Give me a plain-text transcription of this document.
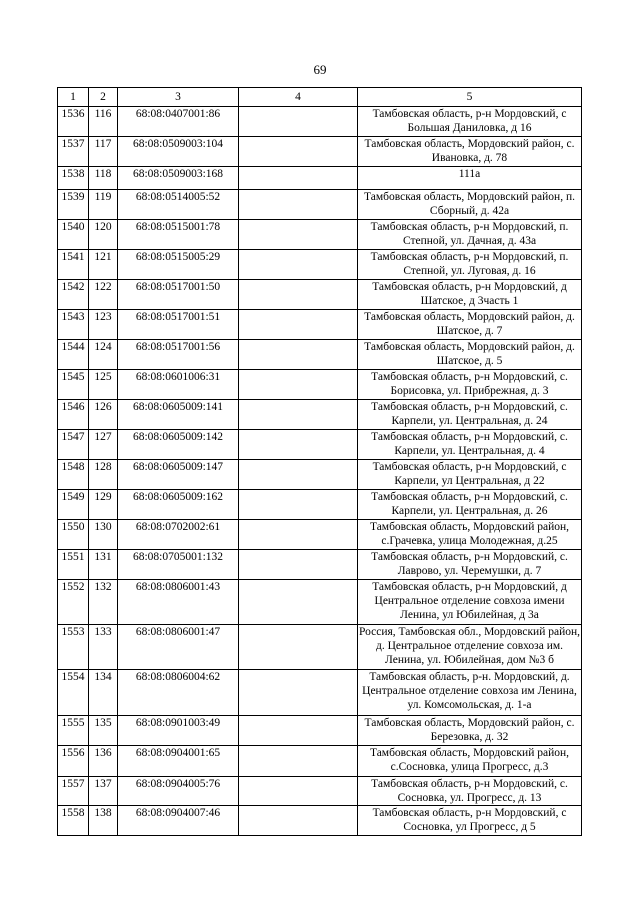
69
1	2	3	4	5
1536	116	68:08:0407001:86		Тамбовская область, р-н Мордовский, с Большая Даниловка, д 16
1537	117	68:08:0509003:104		Тамбовская область, Мордовский район, с. Ивановка, д. 78
1538	118	68:08:0509003:168		111а
1539	119	68:08:0514005:52		Тамбовская область, Мордовский район, п. Сборный, д. 42а
1540	120	68:08:0515001:78		Тамбовская область, р-н Мордовский, п. Степной, ул. Дачная, д. 43а
1541	121	68:08:0515005:29		Тамбовская область, р-н Мордовский, п. Степной, ул. Луговая, д. 16
1542	122	68:08:0517001:50		Тамбовская область, р-н Мордовский, д Шатское, д 3часть 1
1543	123	68:08:0517001:51		Тамбовская область, Мордовский район, д. Шатское, д. 7
1544	124	68:08:0517001:56		Тамбовская область, Мордовский район, д. Шатское, д. 5
1545	125	68:08:0601006:31		Тамбовская область, р-н Мордовский, с. Борисовка, ул. Прибрежная, д. 3
1546	126	68:08:0605009:141		Тамбовская область, р-н Мордовский, с. Карпели, ул. Центральная, д. 24
1547	127	68:08:0605009:142		Тамбовская область, р-н Мордовский, с. Карпели, ул. Центральная, д. 4
1548	128	68:08:0605009:147		Тамбовская область, р-н Мордовский, с Карпели, ул Центральная, д 22
1549	129	68:08:0605009:162		Тамбовская область, р-н Мордовский, с. Карпели, ул. Центральная, д. 26
1550	130	68:08:0702002:61		Тамбовская область, Мордовский район, с.Грачевка, улица Молодежная, д.25
1551	131	68:08:0705001:132		Тамбовская область, р-н Мордовский, с. Лаврово, ул. Черемушки, д. 7
1552	132	68:08:0806001:43		Тамбовская область, р-н Мордовский, д Центральное отделение совхоза имени Ленина, ул Юбилейная, д 3а
1553	133	68:08:0806001:47		Россия, Тамбовская обл., Мордовский район, д. Центральное отделение совхоза им. Ленина, ул. Юбилейная, дом №3 б
1554	134	68:08:0806004:62		Тамбовская область, р-н. Мордовский, д. Центральное отделение совхоза им Ленина, ул. Комсомольская, д. 1-а
1555	135	68:08:0901003:49		Тамбовская область, Мордовский район, с. Березовка, д. 32
1556	136	68:08:0904001:65		Тамбовская область, Мордовский район, с.Сосновка, улица Прогресс, д.3
1557	137	68:08:0904005:76		Тамбовская область, р-н Мордовский, с. Сосновка, ул. Прогресс, д. 13
1558	138	68:08:0904007:46		Тамбовская область, р-н Мордовский, с Сосновка, ул Прогресс, д 5
